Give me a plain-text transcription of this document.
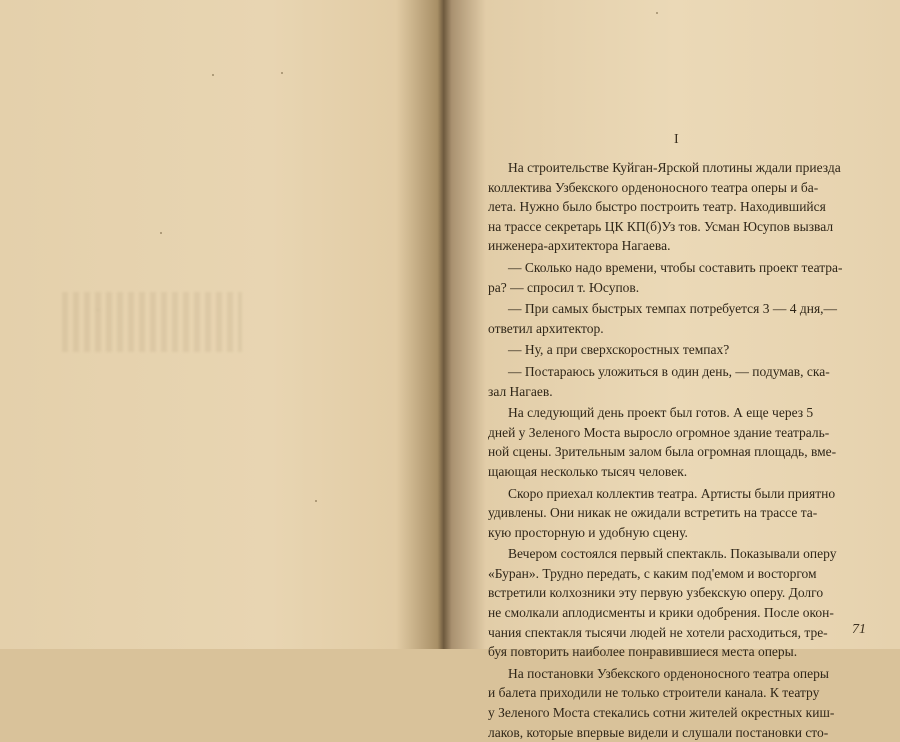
I

На строительстве Куйган-Ярской плотины ждали приезда
коллектива Узбекского орденоносного театра оперы и ба-
лета. Нужно было быстро построить театр. Находившийся
на трассе секретарь ЦК КП(б)Уз тов. Усман Юсупов вызвал
инженера-архитектора Нагаева.

— Сколько надо времени, чтобы составить проект театра-
ра? — спросил т. Юсупов.

— При самых быстрых темпах потребуется 3 — 4 дня,—
ответил архитектор.

— Ну, а при сверхскоростных темпах?

— Постараюсь уложиться в один день, — подумав, ска-
зал Нагаев.

На следующий день проект был готов. А еще через 5
дней у Зеленого Моста выросло огромное здание театраль-
ной сцены. Зрительным залом была огромная площадь, вме-
щающая несколько тысяч человек.

Скоро приехал коллектив театра. Артисты были приятно
удивлены. Они никак не ожидали встретить на трассе та-
кую просторную и удобную сцену.

Вечером состоялся первый спектакль. Показывали оперу
«Буран». Трудно передать, с каким под'емом и восторгом
встретили колхозники эту первую узбекскую оперу. Долго
не смолкали аплодисменты и крики одобрения. После окон-
чания спектакля тысячи людей не хотели расходиться, тре-
буя повторить наиболее понравившиеся места оперы.

На постановки Узбекского орденоносного театра оперы
и балета приходили не только строители канала. К театру
у Зеленого Моста стекались сотни жителей окрестных киш-
лаков, которые впервые видели и слушали постановки сто-

71
